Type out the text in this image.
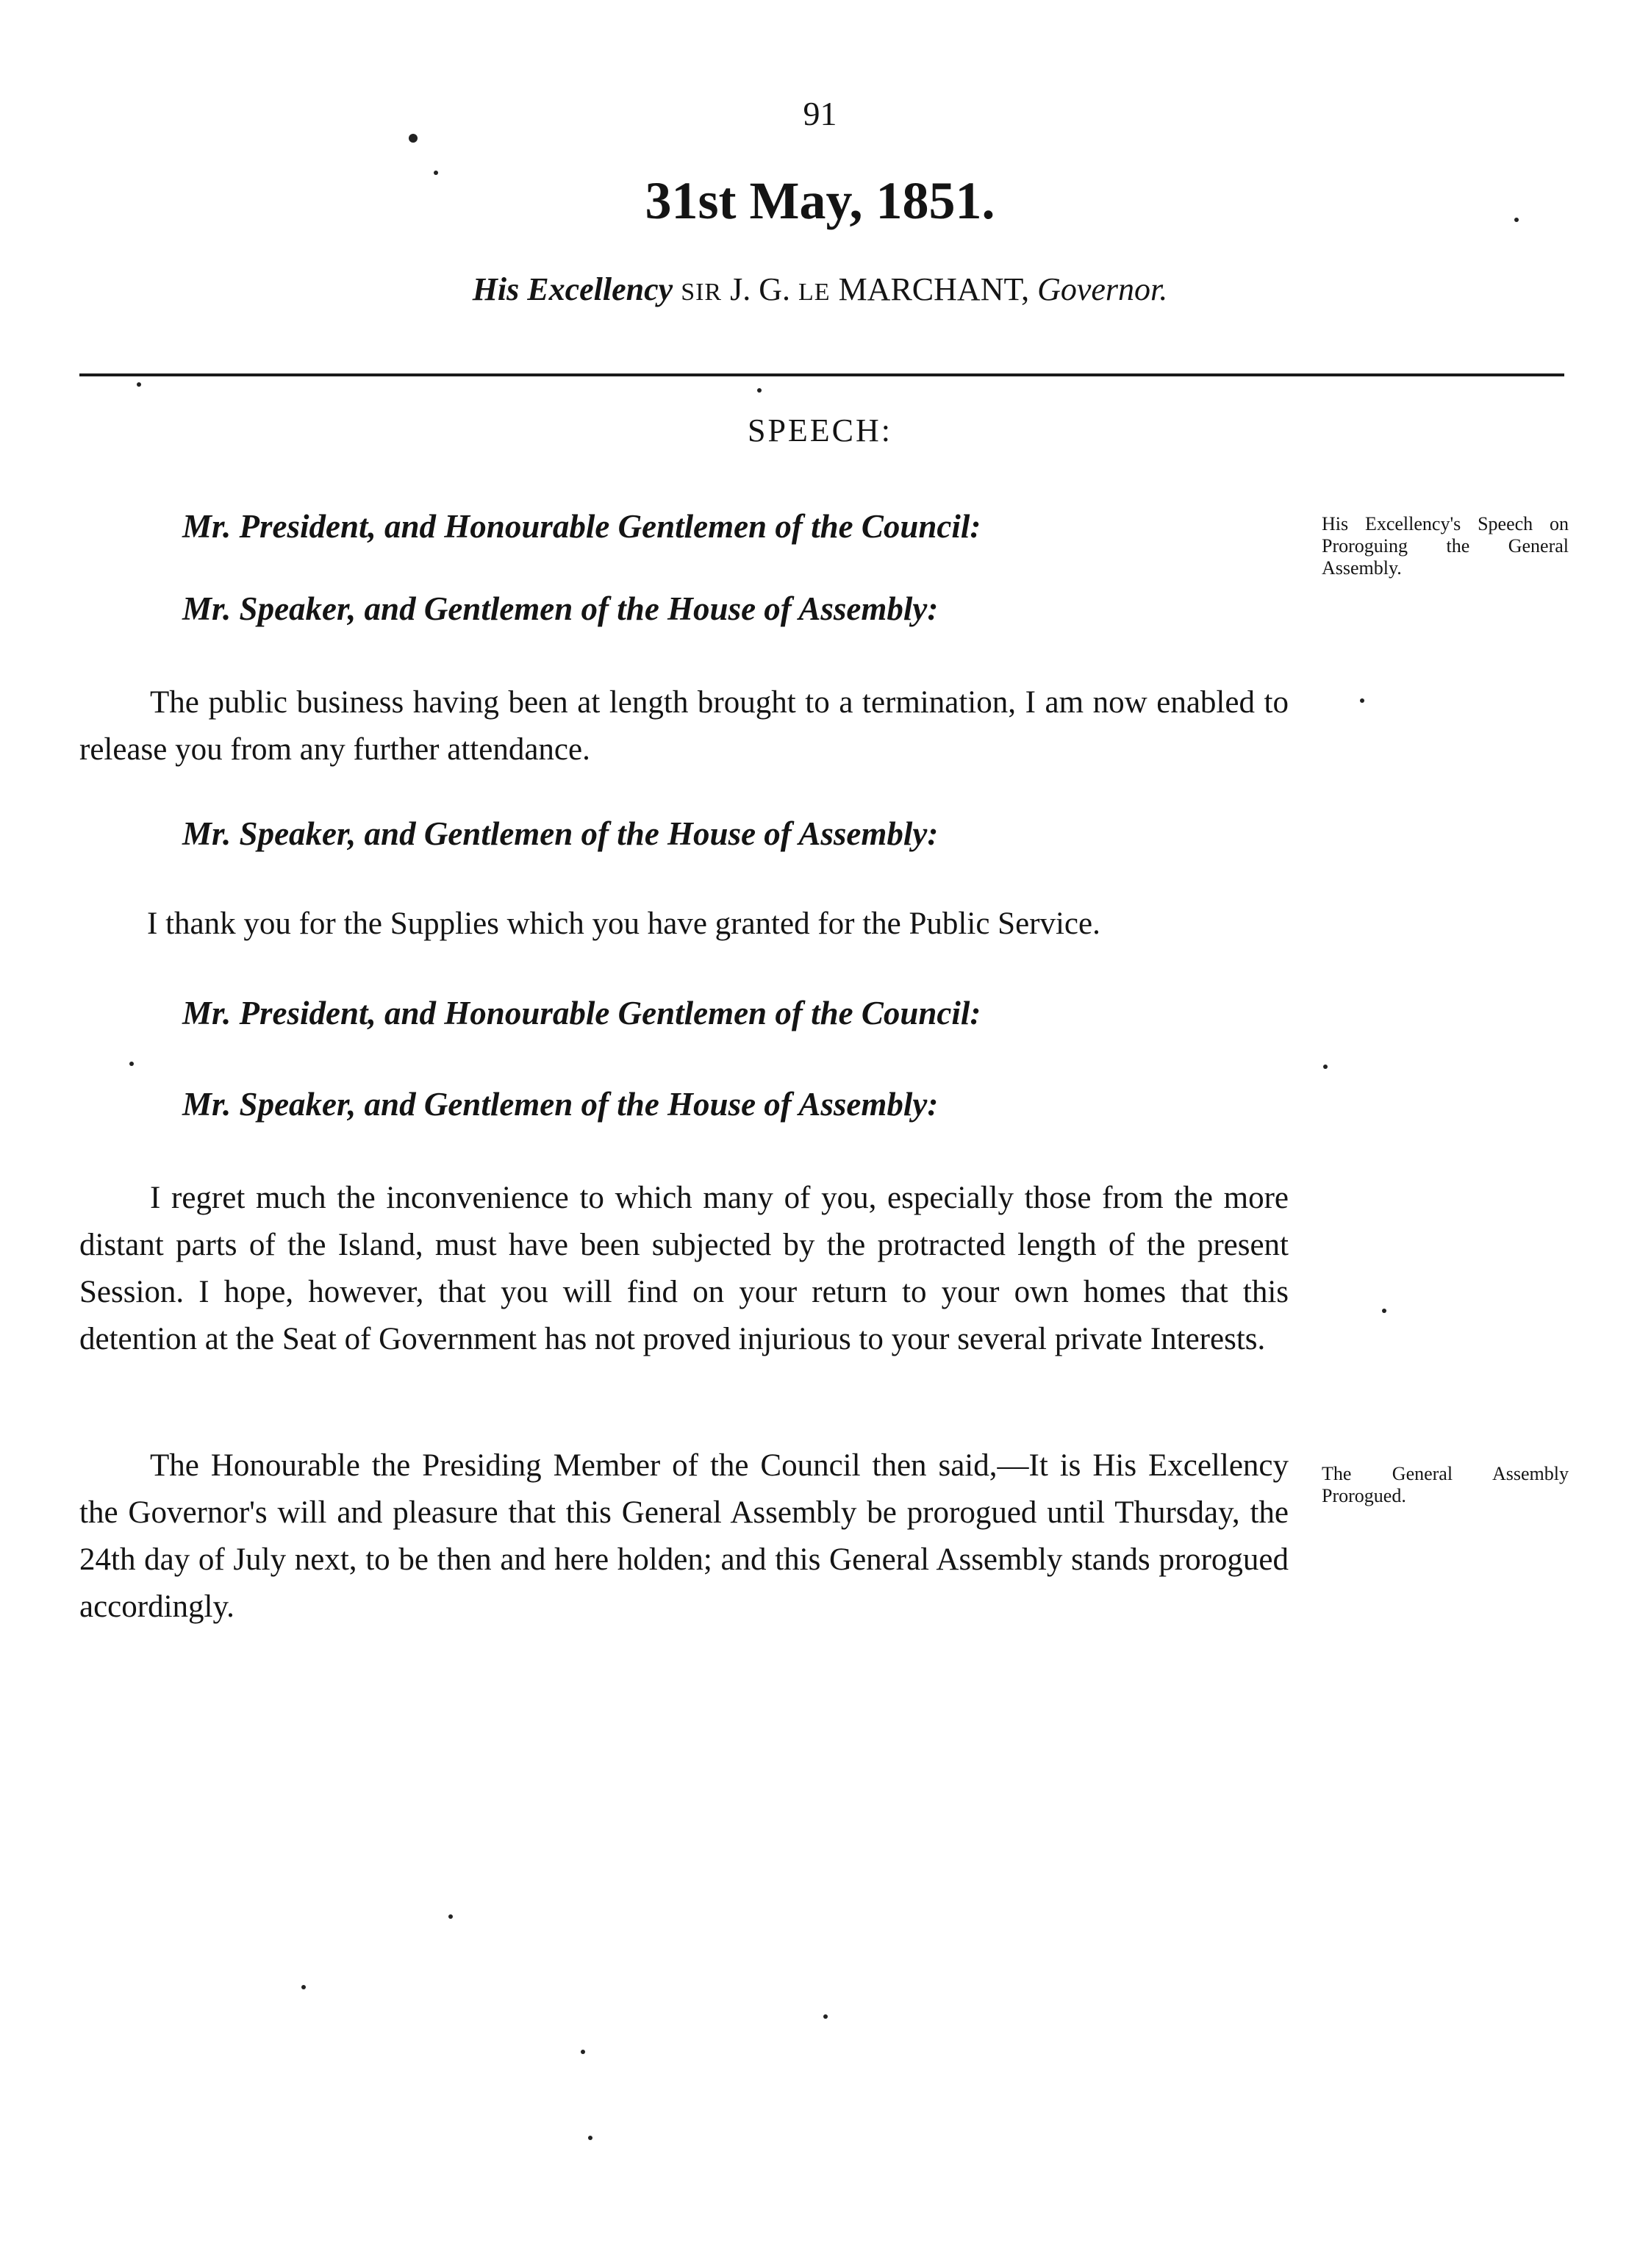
91
31st May, 1851.
His Excellency SIR J. G. LE MARCHANT, Governor.
SPEECH:
Mr. President, and Honourable Gentlemen of the Council:
Mr. Speaker, and Gentlemen of the House of Assembly:

The public business having been at length brought to a termination, I am now enabled to release you from any further attendance.

Mr. Speaker, and Gentlemen of the House of Assembly:
I thank you for the Supplies which you have granted for the Public Service.
Mr. President, and Honourable Gentlemen of the Council:
Mr. Speaker, and Gentlemen of the House of Assembly:

I regret much the inconvenience to which many of you, especially those from the more distant parts of the Island, must have been subjected by the protracted length of the present Session. I hope, however, that you will find on your return to your own homes that this detention at the Seat of Government has not proved injurious to your several private Interests.

The Honourable the Presiding Member of the Council then said,—It is His Excellency the Governor's will and pleasure that this General Assembly be prorogued until Thursday, the 24th day of July next, to be then and here holden; and this General Assembly stands prorogued accordingly.

His Excellency's Speech on Proroguing the General Assembly.
The General Assembly Prorogued.
